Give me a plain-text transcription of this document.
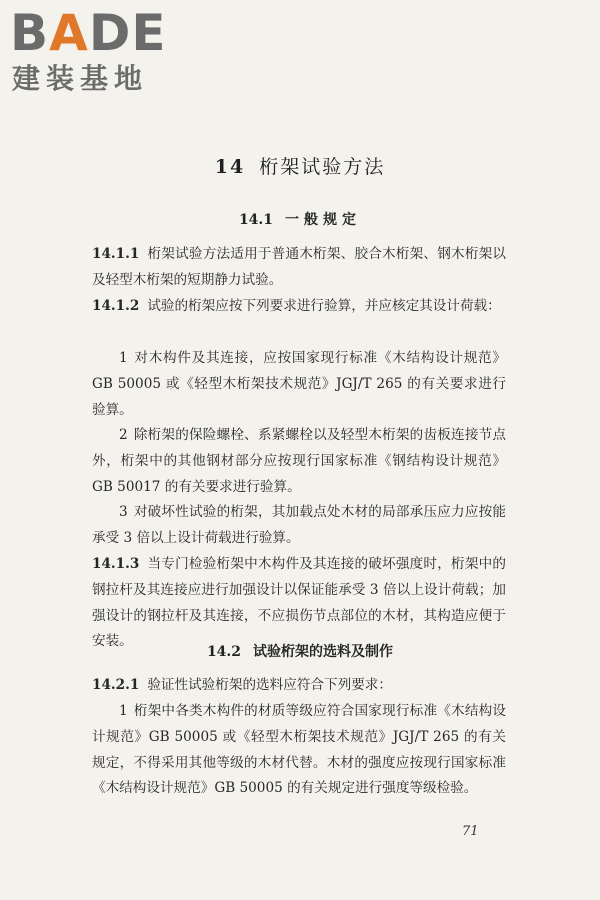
BADE
建装基地
14 桁架试验方法
14.1 一般规定
14.1.1 桁架试验方法适用于普通木桁架、胶合木桁架、钢木桁架以及轻型木桁架的短期静力试验。
14.1.2 试验的桁架应按下列要求进行验算，并应核定其设计荷载：
1 对木构件及其连接，应按国家现行标准《木结构设计规范》GB 50005 或《轻型木桁架技术规范》JGJ/T 265 的有关要求进行验算。
2 除桁架的保险螺栓、系紧螺栓以及轻型木桁架的齿板连接节点外，桁架中的其他钢材部分应按现行国家标准《钢结构设计规范》GB 50017 的有关要求进行验算。
3 对破坏性试验的桁架，其加载点处木材的局部承压应力应按能承受 3 倍以上设计荷载进行验算。
14.1.3 当专门检验桁架中木构件及其连接的破坏强度时，桁架中的钢拉杆及其连接应进行加强设计以保证能承受 3 倍以上设计荷载；加强设计的钢拉杆及其连接，不应损伤节点部位的木材，其构造应便于安装。
14.2 试验桁架的选料及制作
14.2.1 验证性试验桁架的选料应符合下列要求：
1 桁架中各类木构件的材质等级应符合国家现行标准《木结构设计规范》GB 50005 或《轻型木桁架技术规范》JGJ/T 265 的有关规定，不得采用其他等级的木材代替。木材的强度应按现行国家标准《木结构设计规范》GB 50005 的有关规定进行强度等级检验。
71
